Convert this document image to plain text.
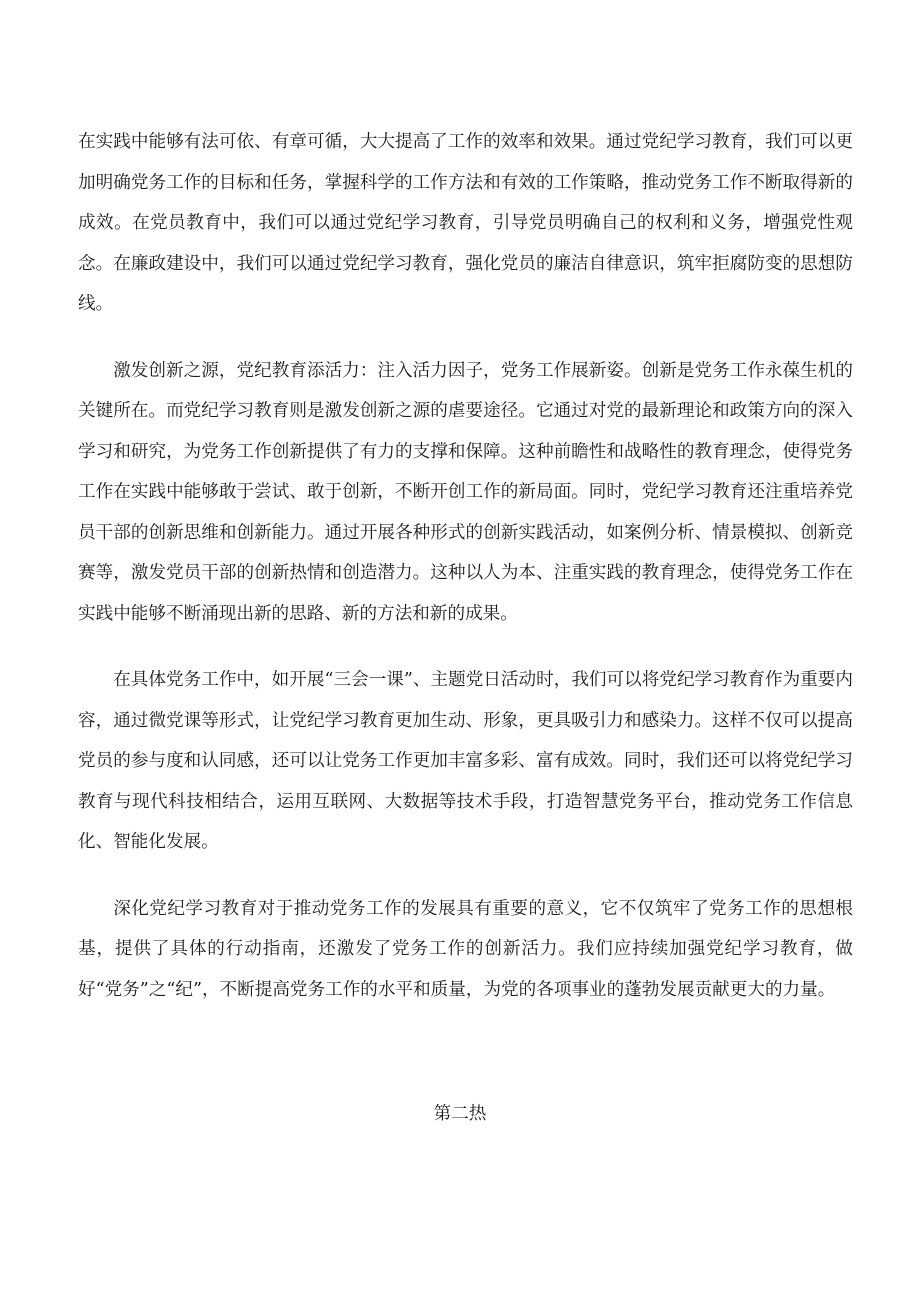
在实践中能够有法可依、有章可循，大大提高了工作的效率和效果。通过党纪学习教育，我们可以更加明确党务工作的目标和任务，掌握科学的工作方法和有效的工作策略，推动党务工作不断取得新的成效。在党员教育中，我们可以通过党纪学习教育，引导党员明确自己的权利和义务，增强党性观念。在廉政建设中，我们可以通过党纪学习教育，强化党员的廉洁自律意识，筑牢拒腐防变的思想防线。

激发创新之源，党纪教育添活力：注入活力因子，党务工作展新姿。创新是党务工作永葆生机的关键所在。而党纪学习教育则是激发创新之源的虐要途径。它通过对党的最新理论和政策方向的深入学习和研究，为党务工作创新提供了有力的支撑和保障。这种前瞻性和战略性的教育理念，使得党务工作在实践中能够敢于尝试、敢于创新，不断开创工作的新局面。同时，党纪学习教育还注重培养党员干部的创新思维和创新能力。通过开展各种形式的创新实践活动，如案例分析、情景模拟、创新竞赛等，激发党员干部的创新热情和创造潜力。这种以人为本、注重实践的教育理念，使得党务工作在实践中能够不断涌现出新的思路、新的方法和新的成果。

在具体党务工作中，如开展“三会一课”、主题党日活动时，我们可以将党纪学习教育作为重要内容，通过微党课等形式，让党纪学习教育更加生动、形象，更具吸引力和感染力。这样不仅可以提高党员的参与度和认同感，还可以让党务工作更加丰富多彩、富有成效。同时，我们还可以将党纪学习教育与现代科技相结合，运用互联网、大数据等技术手段，打造智慧党务平台，推动党务工作信息化、智能化发展。

深化党纪学习教育对于推动党务工作的发展具有重要的意义，它不仅筑牢了党务工作的思想根基，提供了具体的行动指南，还激发了党务工作的创新活力。我们应持续加强党纪学习教育，做好“党务”之“纪”，不断提高党务工作的水平和质量，为党的各项事业的蓬勃发展贡献更大的力量。

第二热
